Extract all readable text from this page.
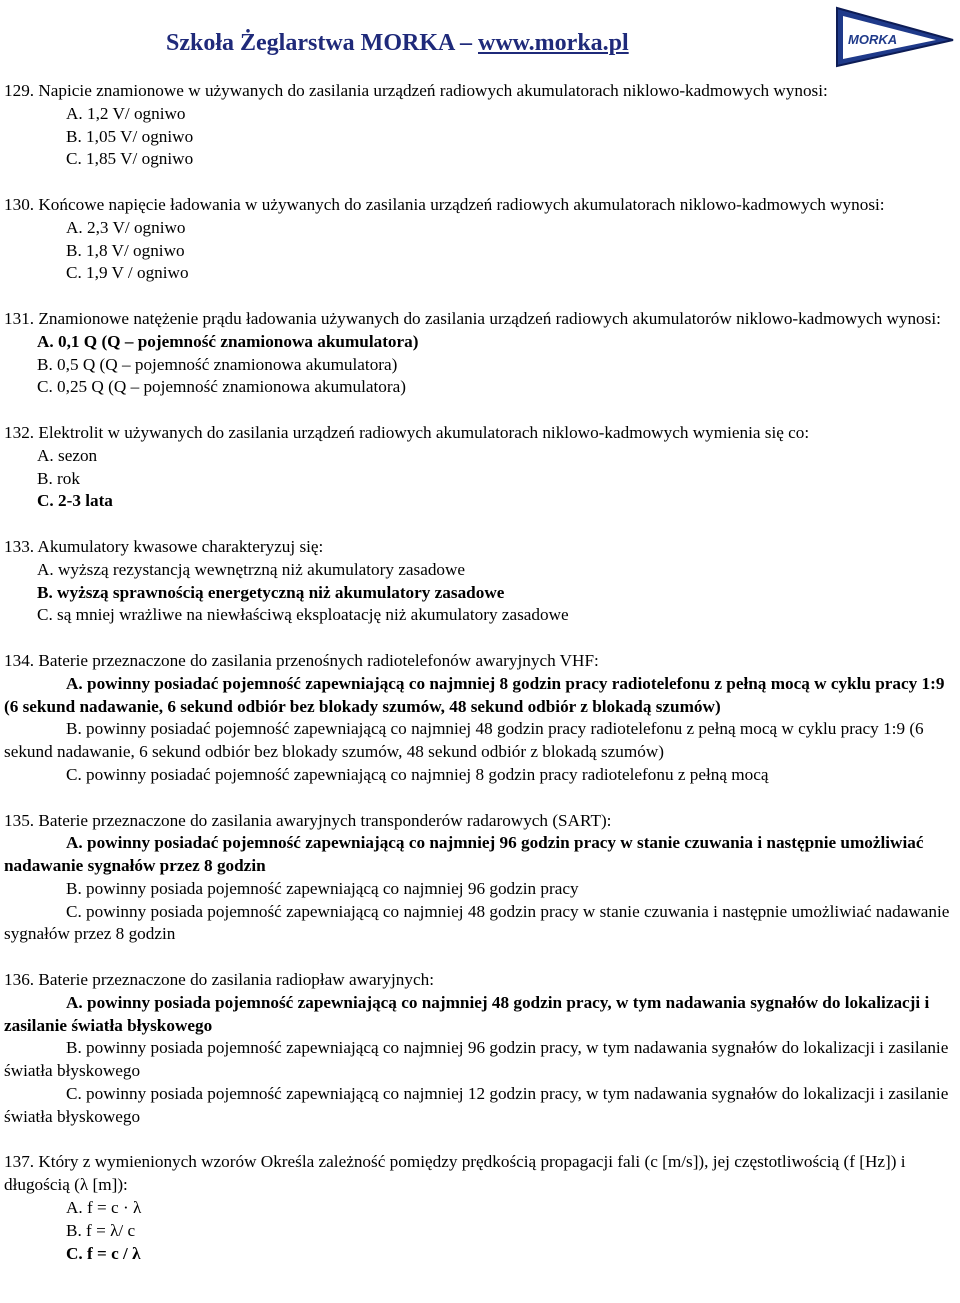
Szkoła Żeglarstwa MORKA – www.morka.pl	MORKA
129. Napicie znamionowe w używanych do zasilania urządzeń radiowych akumulatorach niklowo-kadmowych wynosi:
A. 1,2 V/ ogniwo
B. 1,05 V/ ogniwo
C. 1,85 V/ ogniwo
130. Końcowe napięcie ładowania w używanych do zasilania urządzeń radiowych akumulatorach niklowo-kadmowych wynosi:
A. 2,3 V/ ogniwo
B. 1,8 V/ ogniwo
C. 1,9 V / ogniwo
131. Znamionowe natężenie prądu ładowania używanych do zasilania urządzeń radiowych akumulatorów niklowo-kadmowych wynosi:
A. 0,1 Q (Q – pojemność znamionowa akumulatora)
B. 0,5 Q (Q – pojemność znamionowa akumulatora)
C. 0,25 Q (Q – pojemność znamionowa akumulatora)
132. Elektrolit w używanych do zasilania urządzeń radiowych akumulatorach niklowo-kadmowych wymienia się co:
A. sezon
B. rok
C. 2-3 lata
133. Akumulatory kwasowe charakteryzuj się:
A. wyższą rezystancją wewnętrzną niż akumulatory zasadowe
B. wyższą sprawnością energetyczną niż akumulatory zasadowe
C. są mniej wrażliwe na niewłaściwą eksploatację niż akumulatory zasadowe
134. Baterie przeznaczone do zasilania przenośnych radiotelefonów awaryjnych VHF:
A. powinny posiadać pojemność zapewniającą co najmniej 8 godzin pracy radiotelefonu z pełną mocą w cyklu pracy 1:9 (6 sekund nadawanie, 6 sekund odbiór bez blokady szumów, 48 sekund odbiór z blokadą szumów)
B. powinny posiadać pojemność zapewniającą co najmniej 48 godzin pracy radiotelefonu z pełną mocą w cyklu pracy 1:9 (6 sekund nadawanie, 6 sekund odbiór bez blokady szumów, 48 sekund odbiór z blokadą szumów)
C. powinny posiadać pojemność zapewniającą co najmniej 8 godzin pracy radiotelefonu z pełną mocą
135. Baterie przeznaczone do zasilania awaryjnych transponderów radarowych (SART):
A. powinny posiadać pojemność zapewniającą co najmniej 96 godzin pracy w stanie czuwania i następnie umożliwiać nadawanie sygnałów przez 8 godzin
B. powinny posiada pojemność zapewniającą co najmniej 96 godzin pracy
C. powinny posiada pojemność zapewniającą co najmniej 48 godzin pracy w stanie czuwania i następnie umożliwiać nadawanie sygnałów przez 8 godzin
136. Baterie przeznaczone do zasilania radiopław awaryjnych:
A. powinny posiada pojemność zapewniającą co najmniej 48 godzin pracy, w tym nadawania sygnałów do lokalizacji i zasilanie światła błyskowego
B. powinny posiada pojemność zapewniającą co najmniej 96 godzin pracy, w tym nadawania sygnałów do lokalizacji i zasilanie światła błyskowego
C. powinny posiada pojemność zapewniającą co najmniej 12 godzin pracy, w tym nadawania sygnałów do lokalizacji i zasilanie światła błyskowego
137. Który z wymienionych wzorów Określa zależność pomiędzy prędkością propagacji fali (c [m/s]), jej częstotliwością (f [Hz]) i długością (λ [m]):
A. f = c · λ
B. f = λ/ c
C. f = c / λ
